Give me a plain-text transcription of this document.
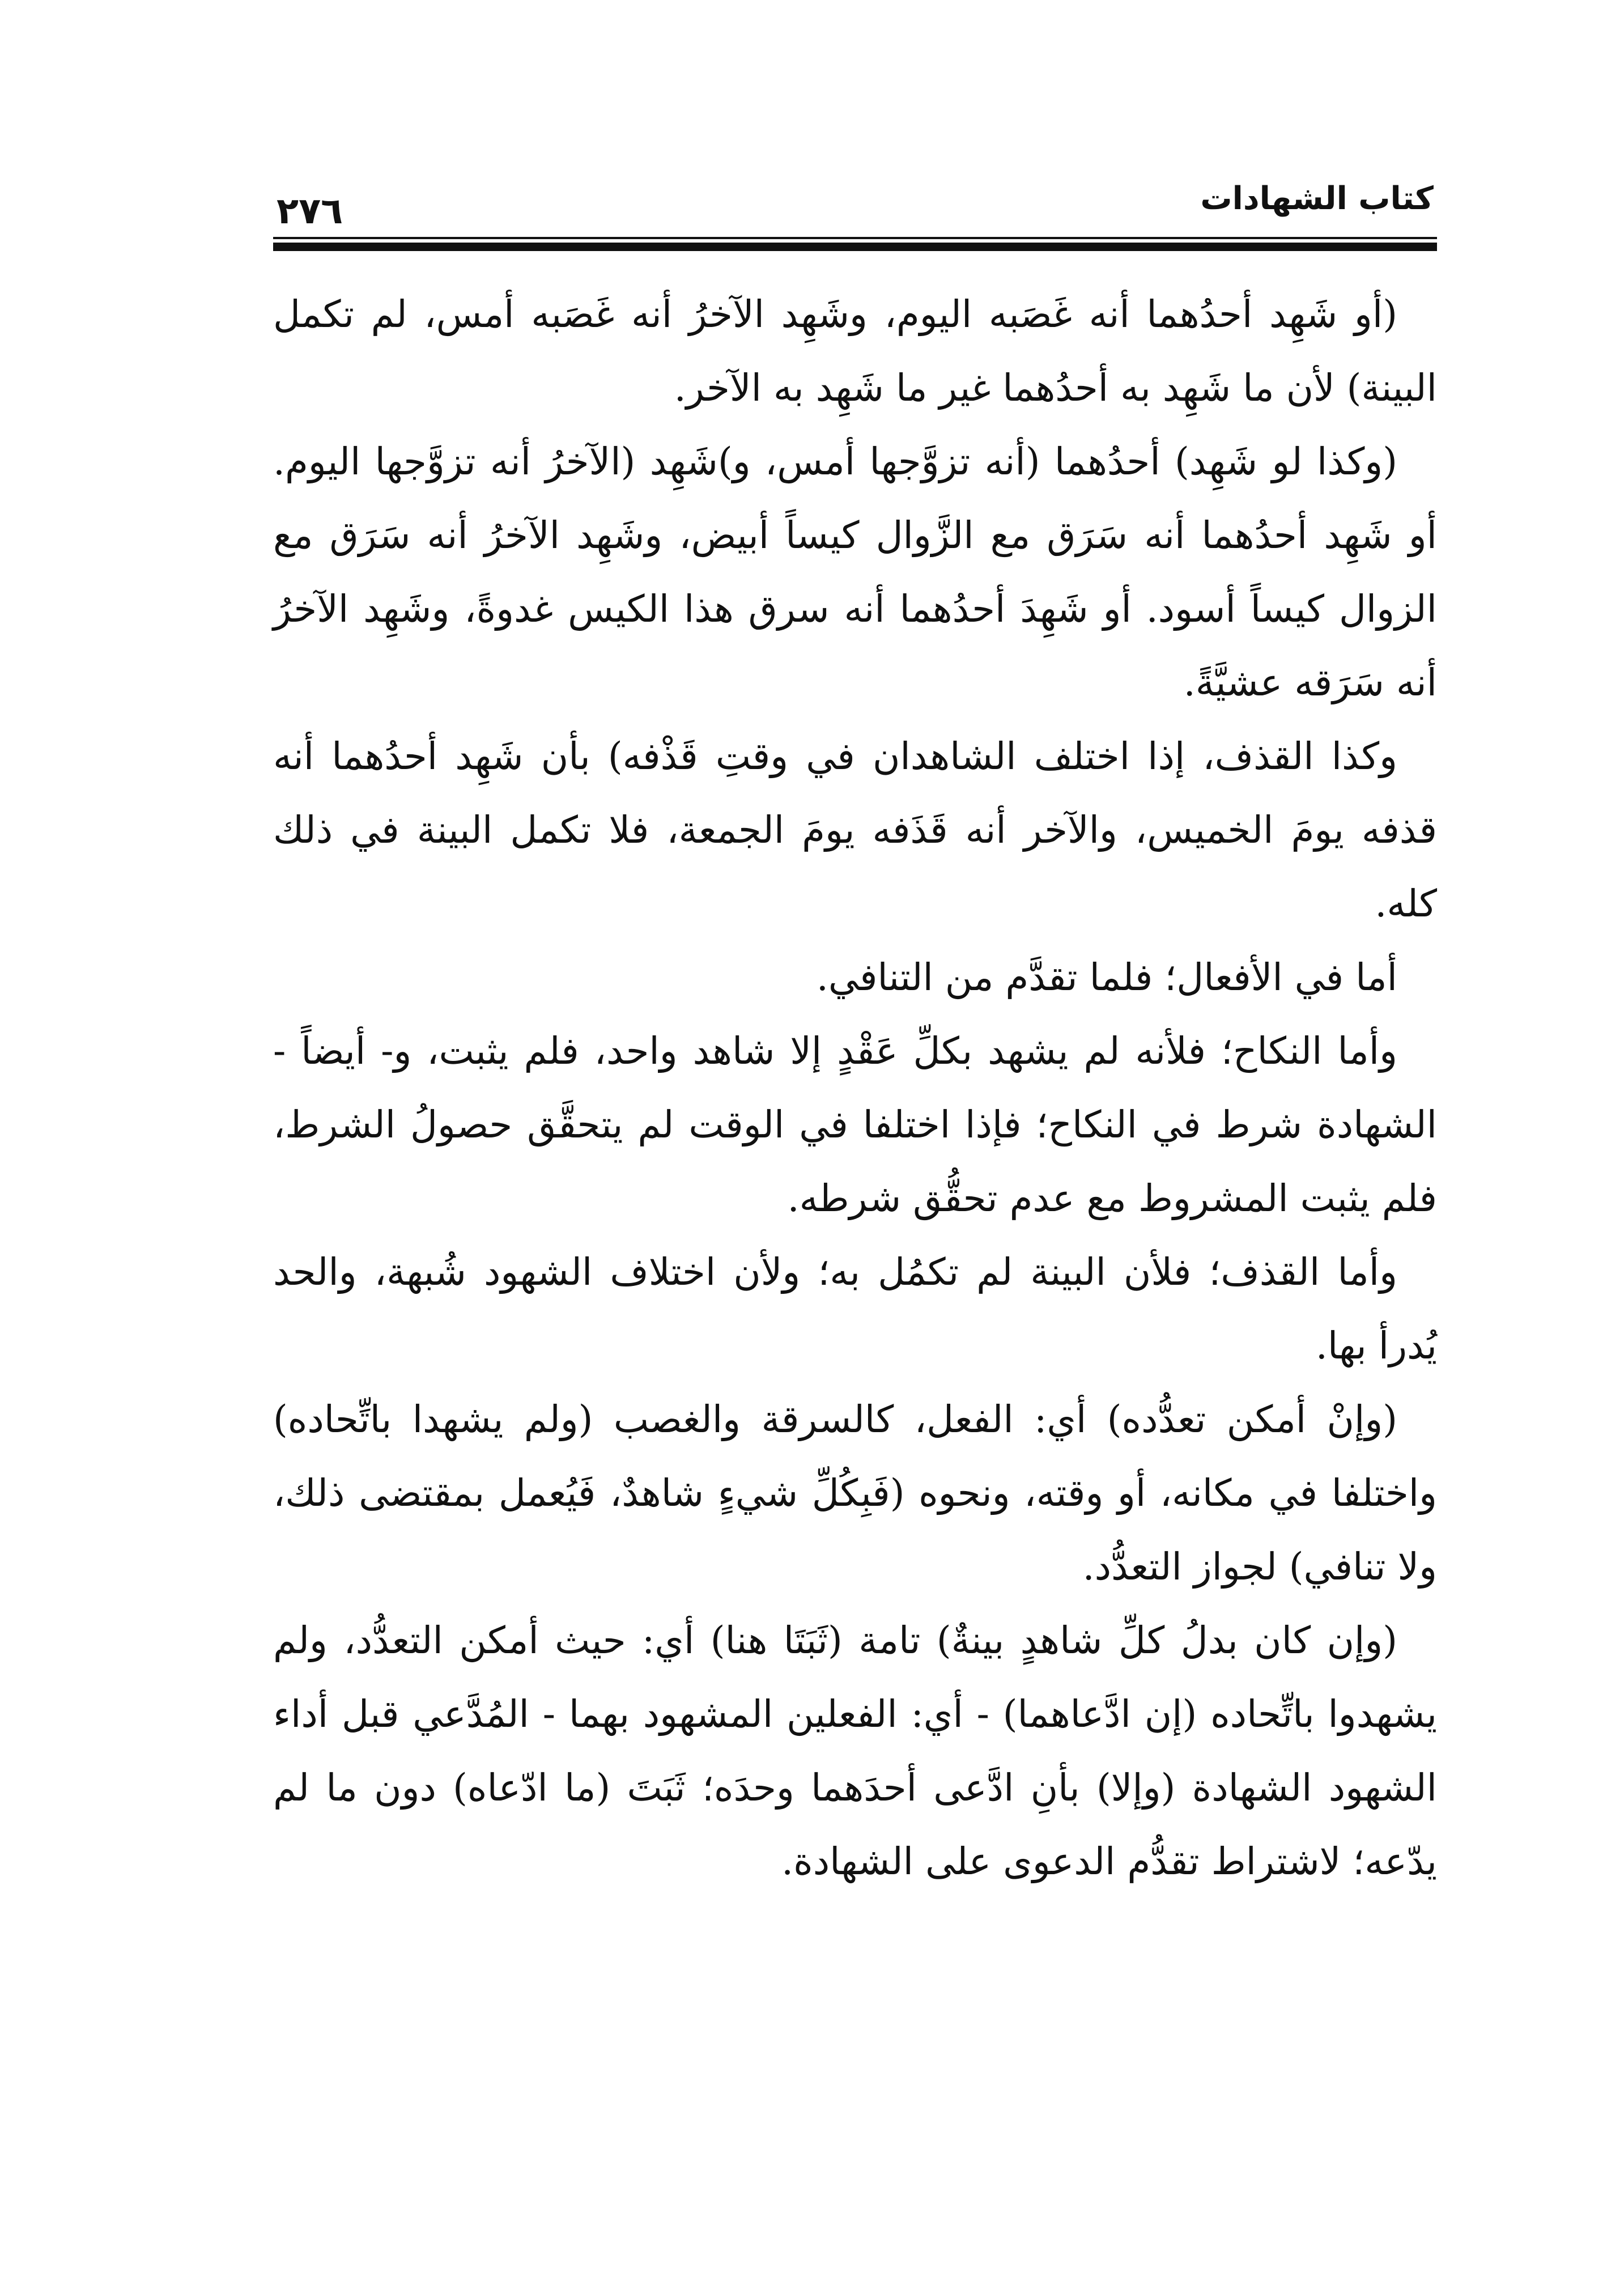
كتاب الشهادات
٢٧٦

(أو شَهِد أحدُهما أنه غَصَبه اليوم، وشَهِد الآخرُ أنه غَصَبه أمس، لم تكمل البينة) لأن ما شَهِد به أحدُهما غير ما شَهِد به الآخر.

(وكذا لو شَهِد) أحدُهما (أنه تزوَّجها أمس، و)شَهِد (الآخرُ أنه تزوَّجها اليوم. أو شَهِد أحدُهما أنه سَرَق مع الزَّوال كيساً أبيض، وشَهِد الآخرُ أنه سَرَق مع الزوال كيساً أسود. أو شَهِدَ أحدُهما أنه سرق هذا الكيس غدوةً، وشَهِد الآخرُ أنه سَرَقه عشيَّةً.

وكذا القذف، إذا اختلف الشاهدان في وقتِ قَذْفه) بأن شَهِد أحدُهما أنه قذفه يومَ الخميس، والآخر أنه قَذَفه يومَ الجمعة، فلا تكمل البينة في ذلك كله.

أما في الأفعال؛ فلما تقدَّم من التنافي.

وأما النكاح؛ فلأنه لم يشهد بكلِّ عَقْدٍ إلا شاهد واحد، فلم يثبت، و- أيضاً - الشهادة شرط في النكاح؛ فإذا اختلفا في الوقت لم يتحقَّق حصولُ الشرط، فلم يثبت المشروط مع عدم تحقُّق شرطه.

وأما القذف؛ فلأن البينة لم تكمُل به؛ ولأن اختلاف الشهود شُبهة، والحد يُدرأ بها.

(وإنْ أمكن تعدُّده) أي: الفعل، كالسرقة والغصب (ولم يشهدا باتِّحاده) واختلفا في مكانه، أو وقته، ونحوه (فَبِكُلِّ شيءٍ شاهدٌ، فَيُعمل بمقتضى ذلك، ولا تنافي) لجواز التعدُّد.

(وإن كان بدلُ كلِّ شاهدٍ بينةٌ) تامة (ثَبَتَا هنا) أي: حيث أمكن التعدُّد، ولم يشهدوا باتِّحاده (إن ادَّعاهما) - أي: الفعلين المشهود بهما - المُدَّعي قبل أداء الشهود الشهادة (وإلا) بأنِ ادَّعى أحدَهما وحدَه؛ ثَبَتَ (ما ادّعاه) دون ما لم يدّعه؛ لاشتراط تقدُّم الدعوى على الشهادة.
